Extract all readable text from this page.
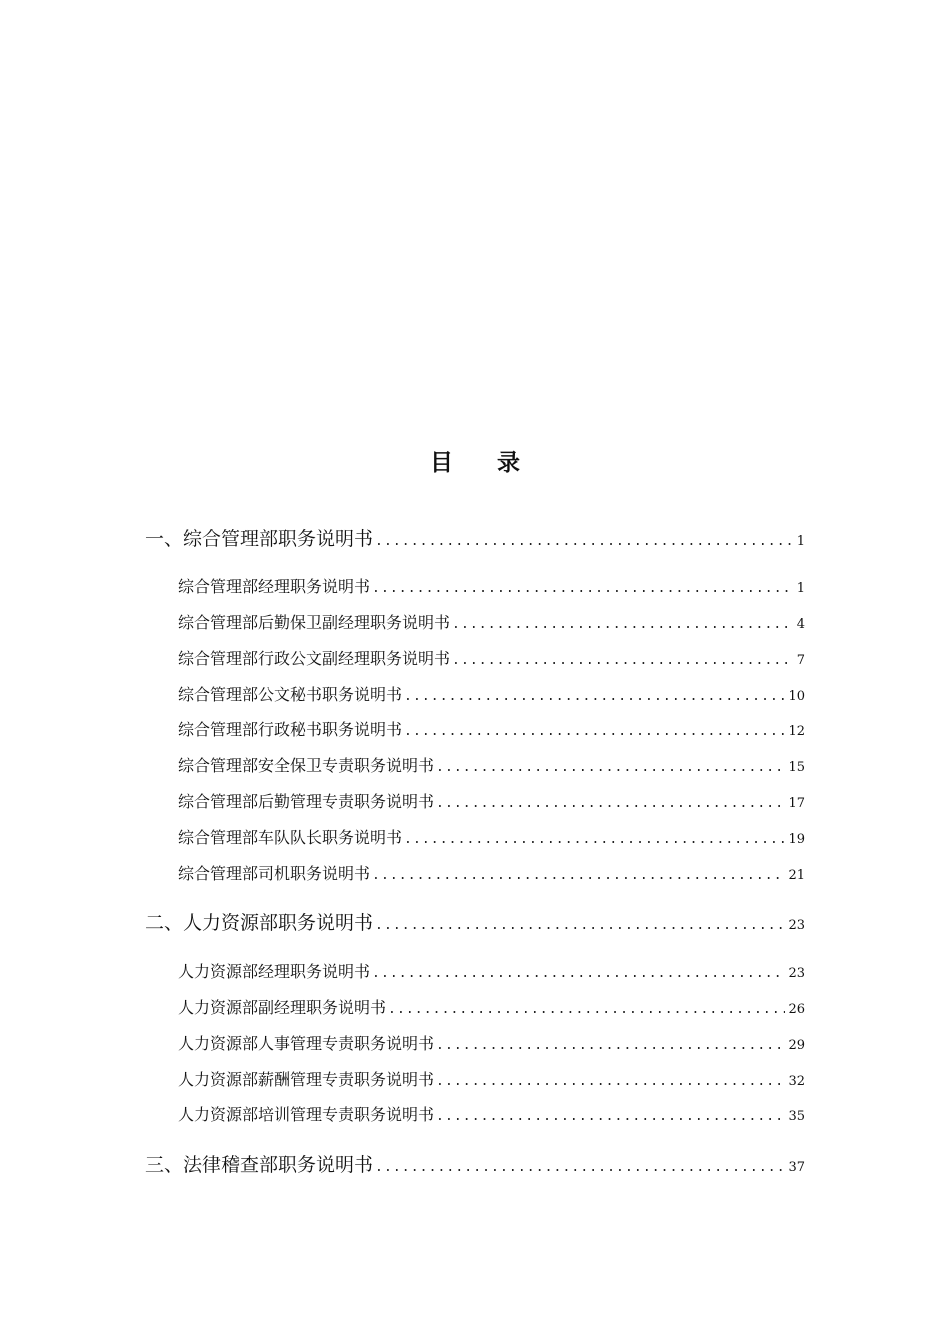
目录
一、综合管理部职务说明书 .....	1
综合管理部经理职务说明书 .....	1
综合管理部后勤保卫副经理职务说明书 .....	4
综合管理部行政公文副经理职务说明书 .....	7
综合管理部公文秘书职务说明书 .....	10
综合管理部行政秘书职务说明书 .....	12
综合管理部安全保卫专责职务说明书 .....	15
综合管理部后勤管理专责职务说明书 .....	17
综合管理部车队队长职务说明书 .....	19
综合管理部司机职务说明书 .....	21
二、人力资源部职务说明书 .....	23
人力资源部经理职务说明书 .....	23
人力资源部副经理职务说明书 .....	26
人力资源部人事管理专责职务说明书 .....	29
人力资源部薪酬管理专责职务说明书 .....	32
人力资源部培训管理专责职务说明书 .....	35
三、法律稽查部职务说明书 .....	37
